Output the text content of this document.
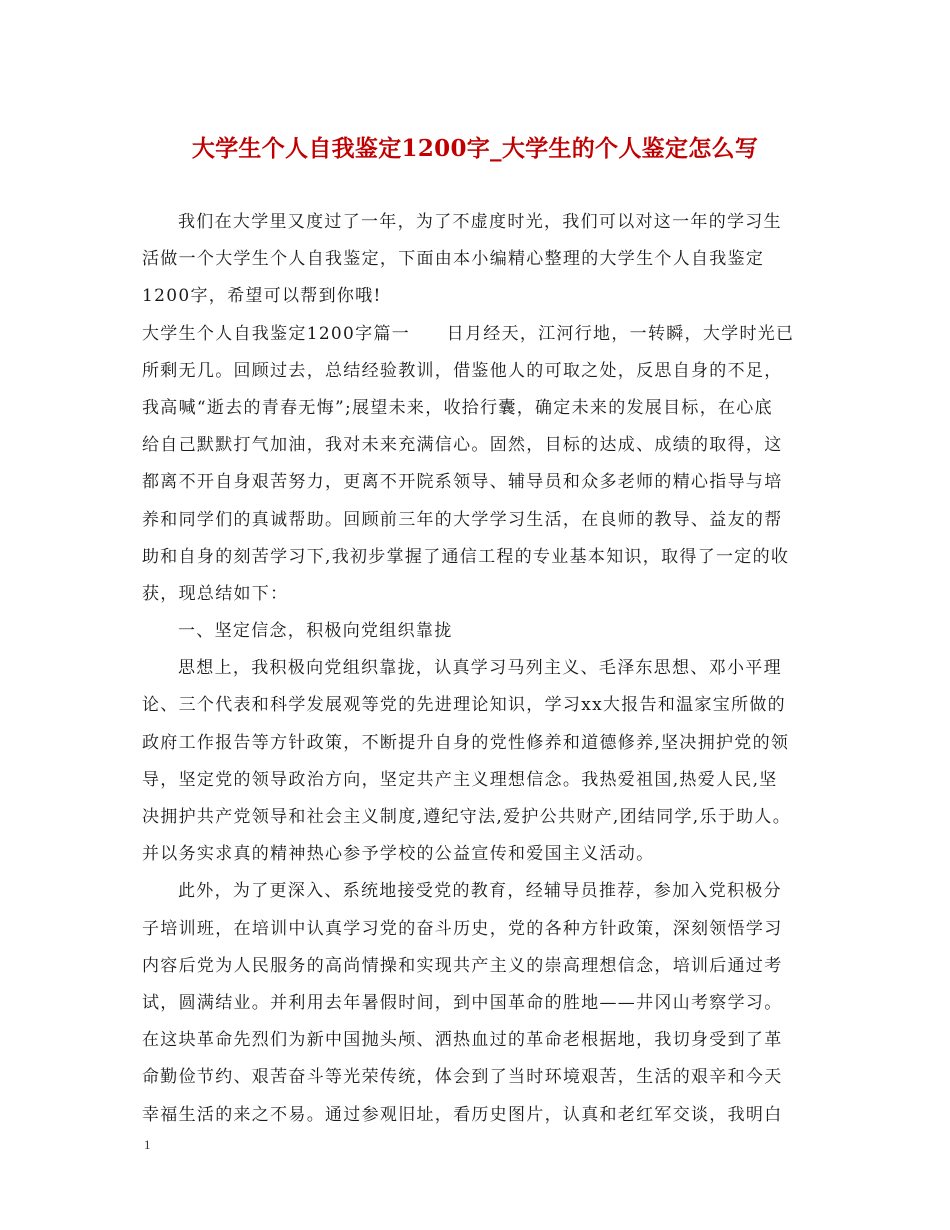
大学生个人自我鉴定1200字_大学生的个人鉴定怎么写
我们在大学里又度过了一年，为了不虚度时光，我们可以对这一年的学习生
活做一个大学生个人自我鉴定，下面由本小编精心整理的大学生个人自我鉴定
1200字，希望可以帮到你哦!
大学生个人自我鉴定1200字篇一　　日月经天，江河行地，一转瞬，大学时光已
所剩无几。回顾过去，总结经验教训，借鉴他人的可取之处，反思自身的不足，
我高喊“逝去的青春无悔”;展望未来，收拾行囊，确定未来的发展目标，在心底
给自己默默打气加油，我对未来充满信心。固然，目标的达成、成绩的取得，这
都离不开自身艰苦努力，更离不开院系领导、辅导员和众多老师的精心指导与培
养和同学们的真诚帮助。回顾前三年的大学学习生活，在良师的教导、益友的帮
助和自身的刻苦学习下,我初步掌握了通信工程的专业基本知识，取得了一定的收
获，现总结如下：
一、坚定信念，积极向党组织靠拢
思想上，我积极向党组织靠拢，认真学习马列主义、毛泽东思想、邓小平理
论、三个代表和科学发展观等党的先进理论知识，学习xx大报告和温家宝所做的
政府工作报告等方针政策，不断提升自身的党性修养和道德修养,坚决拥护党的领
导，坚定党的领导政治方向，坚定共产主义理想信念。我热爱祖国,热爱人民,坚
决拥护共产党领导和社会主义制度,遵纪守法,爱护公共财产,团结同学,乐于助人。
并以务实求真的精神热心参予学校的公益宣传和爱国主义活动。
此外，为了更深入、系统地接受党的教育，经辅导员推荐，参加入党积极分
子培训班，在培训中认真学习党的奋斗历史，党的各种方针政策，深刻领悟学习
内容后党为人民服务的高尚情操和实现共产主义的崇高理想信念，培训后通过考
试，圆满结业。并利用去年暑假时间，到中国革命的胜地——井冈山考察学习。
在这块革命先烈们为新中国抛头颅、洒热血过的革命老根据地，我切身受到了革
命勤俭节约、艰苦奋斗等光荣传统，体会到了当时环境艰苦，生活的艰辛和今天
幸福生活的来之不易。通过参观旧址，看历史图片，认真和老红军交谈，我明白
1
